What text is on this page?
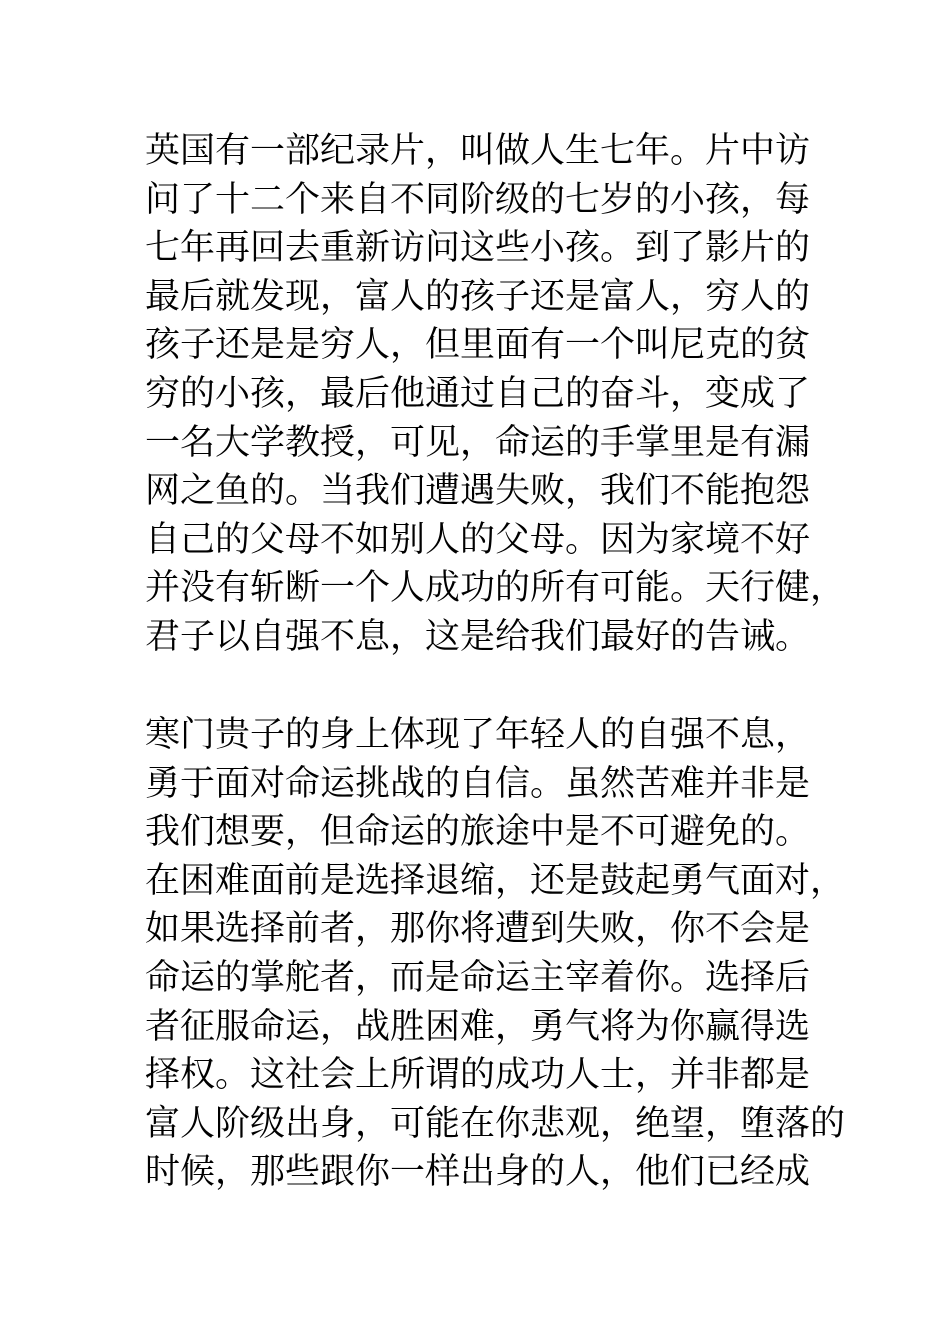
英国有一部纪录片，叫做人生七年。片中访
问了十二个来自不同阶级的七岁的小孩，每
七年再回去重新访问这些小孩。到了影片的
最后就发现，富人的孩子还是富人，穷人的
孩子还是是穷人，但里面有一个叫尼克的贫
穷的小孩，最后他通过自己的奋斗，变成了
一名大学教授，可见，命运的手掌里是有漏
网之鱼的。当我们遭遇失败，我们不能抱怨
自己的父母不如别人的父母。因为家境不好
并没有斩断一个人成功的所有可能。天行健，
君子以自强不息，这是给我们最好的告诫。
寒门贵子的身上体现了年轻人的自强不息，
勇于面对命运挑战的自信。虽然苦难并非是
我们想要，但命运的旅途中是不可避免的。
在困难面前是选择退缩，还是鼓起勇气面对，
如果选择前者，那你将遭到失败，你不会是
命运的掌舵者，而是命运主宰着你。选择后
者征服命运，战胜困难，勇气将为你赢得选
择权。这社会上所谓的成功人士，并非都是
富人阶级出身，可能在你悲观，绝望，堕落的
时候，那些跟你一样出身的人，他们已经成
